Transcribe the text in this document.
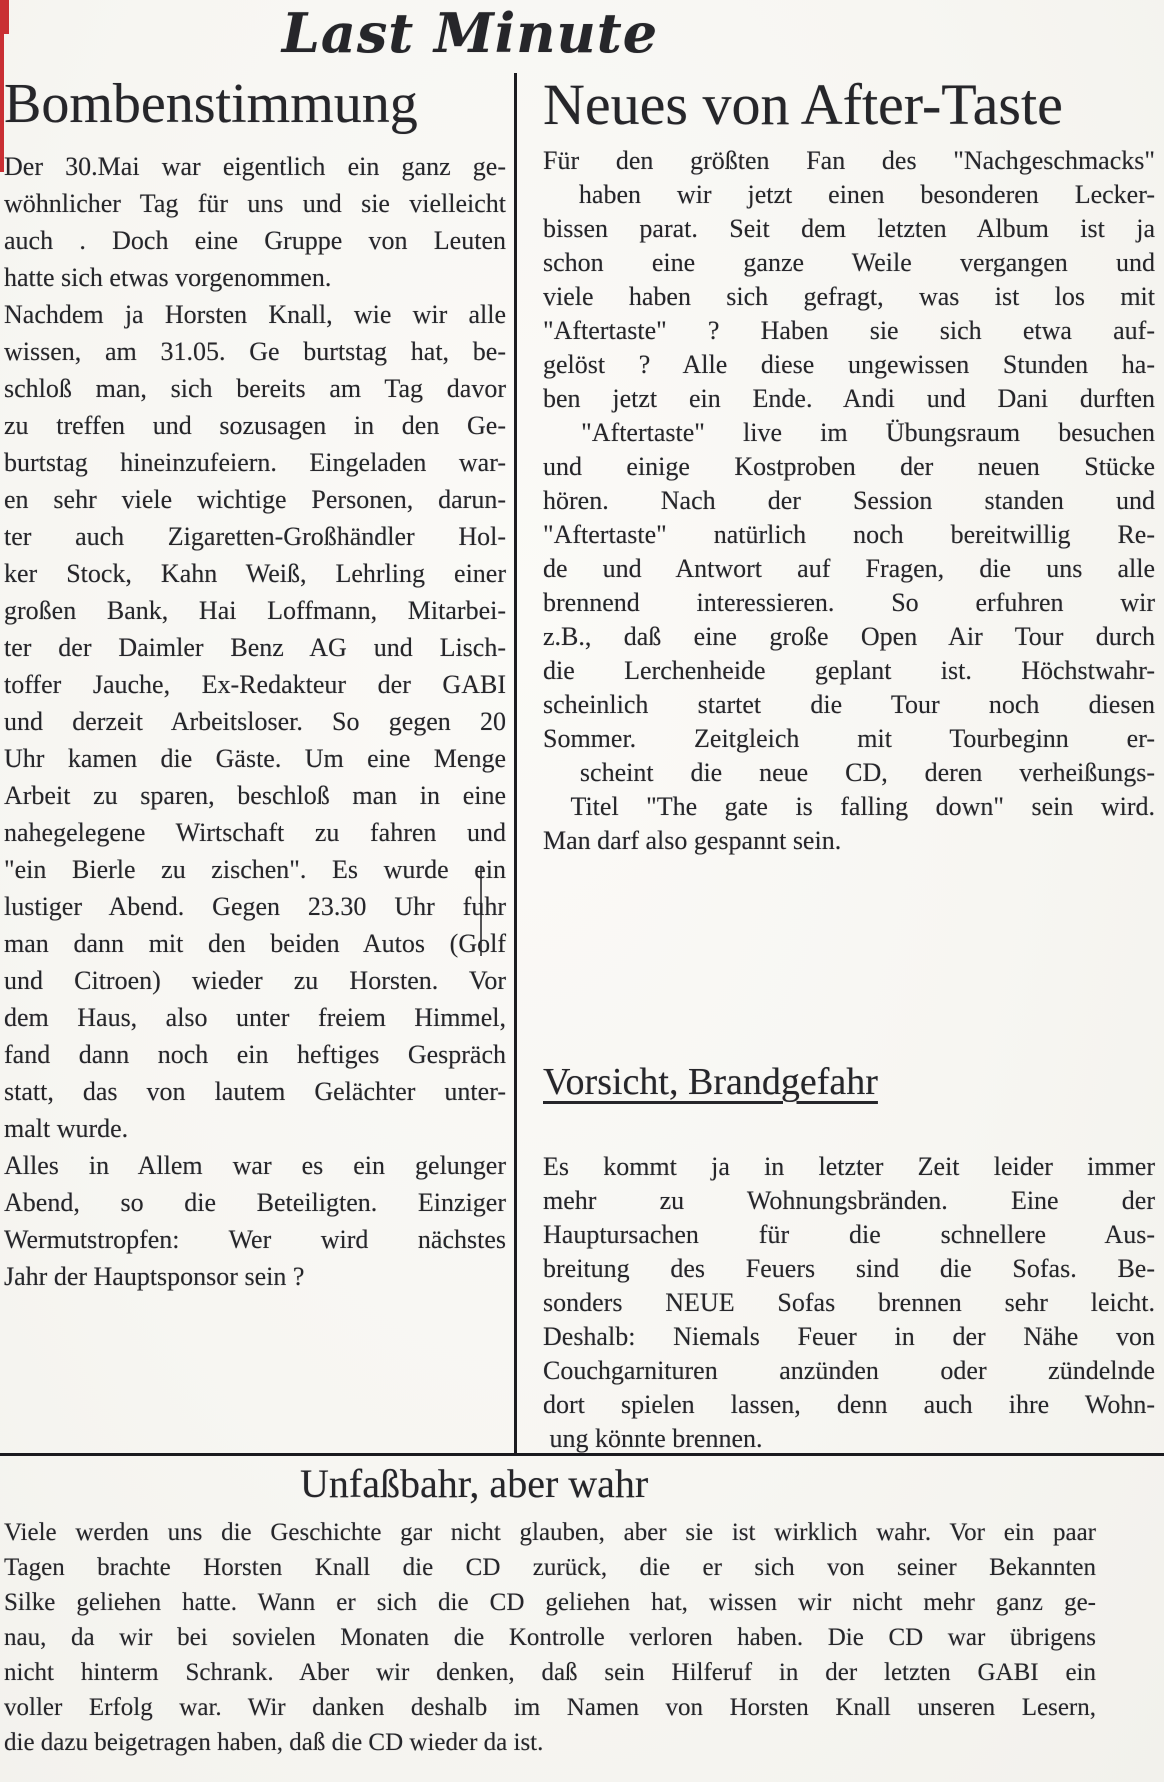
Last Minute
Bombenstimmung
Der 30.Mai war eigentlich ein ganz ge-
wöhnlicher Tag für uns und sie vielleicht
auch . Doch eine Gruppe von Leuten
hatte sich etwas vorgenommen.
Nachdem ja Horsten Knall, wie wir alle
wissen, am 31.05. Ge burtstag hat, be-
schloß man, sich bereits am Tag davor
zu treffen und sozusagen in den Ge-
burtstag hineinzufeiern. Eingeladen war-
en sehr viele wichtige Personen, darun-
ter auch Zigaretten-Großhändler Hol-
ker Stock, Kahn Weiß, Lehrling einer
großen Bank, Hai Loffmann, Mitarbei-
ter der Daimler Benz AG und Lisch-
toffer Jauche, Ex-Redakteur der GABI
und derzeit Arbeitsloser. So gegen 20
Uhr kamen die Gäste. Um eine Menge
Arbeit zu sparen, beschloß man in eine
nahegelegene Wirtschaft zu fahren und
"ein Bierle zu zischen". Es wurde ein
lustiger Abend. Gegen 23.30 Uhr fuhr
man dann mit den beiden Autos (Golf
und Citroen) wieder zu Horsten. Vor
dem Haus, also unter freiem Himmel,
fand dann noch ein heftiges Gespräch
statt, das von lautem Gelächter unter-
malt wurde.
Alles in Allem war es ein gelunger
Abend, so die Beteiligten. Einziger
Wermutstropfen: Wer wird nächstes
Jahr der Hauptsponsor sein ?
Neues von After-Taste
Für den größten Fan des "Nachgeschmacks"
haben wir jetzt einen besonderen Lecker-
bissen parat. Seit dem letzten Album ist ja
schon eine ganze Weile vergangen und
viele haben sich gefragt, was ist los mit
"Aftertaste" ? Haben sie sich etwa auf-
gelöst ? Alle diese ungewissen Stunden ha-
ben jetzt ein Ende. Andi und Dani durften
"Aftertaste" live im Übungsraum besuchen
und einige Kostproben der neuen Stücke
hören. Nach der Session standen und
"Aftertaste" natürlich noch bereitwillig Re-
de und Antwort auf Fragen, die uns alle
brennend interessieren. So erfuhren wir
z.B., daß eine große Open Air Tour durch
die Lerchenheide geplant ist. Höchstwahr-
scheinlich startet die Tour noch diesen
Sommer. Zeitgleich mit Tourbeginn er-
scheint die neue CD, deren verheißungs-
Titel "The gate is falling down" sein wird.
Man darf also gespannt sein.
Vorsicht, Brandgefahr
Es kommt ja in letzter Zeit leider immer
mehr zu Wohnungsbränden. Eine der
Hauptursachen für die schnellere Aus-
breitung des Feuers sind die Sofas. Be-
sonders NEUE Sofas brennen sehr leicht.
Deshalb: Niemals Feuer in der Nähe von
Couchgarnituren anzünden oder zündelnde
dort spielen lassen, denn auch ihre Wohn-
ung könnte brennen.
Unfaßbahr, aber wahr
Viele werden uns die Geschichte gar nicht glauben, aber sie ist wirklich wahr. Vor ein paar
Tagen brachte Horsten Knall die CD zurück, die er sich von seiner Bekannten
Silke geliehen hatte. Wann er sich die CD geliehen hat, wissen wir nicht mehr ganz ge-
nau, da wir bei sovielen Monaten die Kontrolle verloren haben. Die CD war übrigens
nicht hinterm Schrank. Aber wir denken, daß sein Hilferuf in der letzten GABI ein
voller Erfolg war. Wir danken deshalb im Namen von Horsten Knall unseren Lesern,
die dazu beigetragen haben, daß die CD wieder da ist.
